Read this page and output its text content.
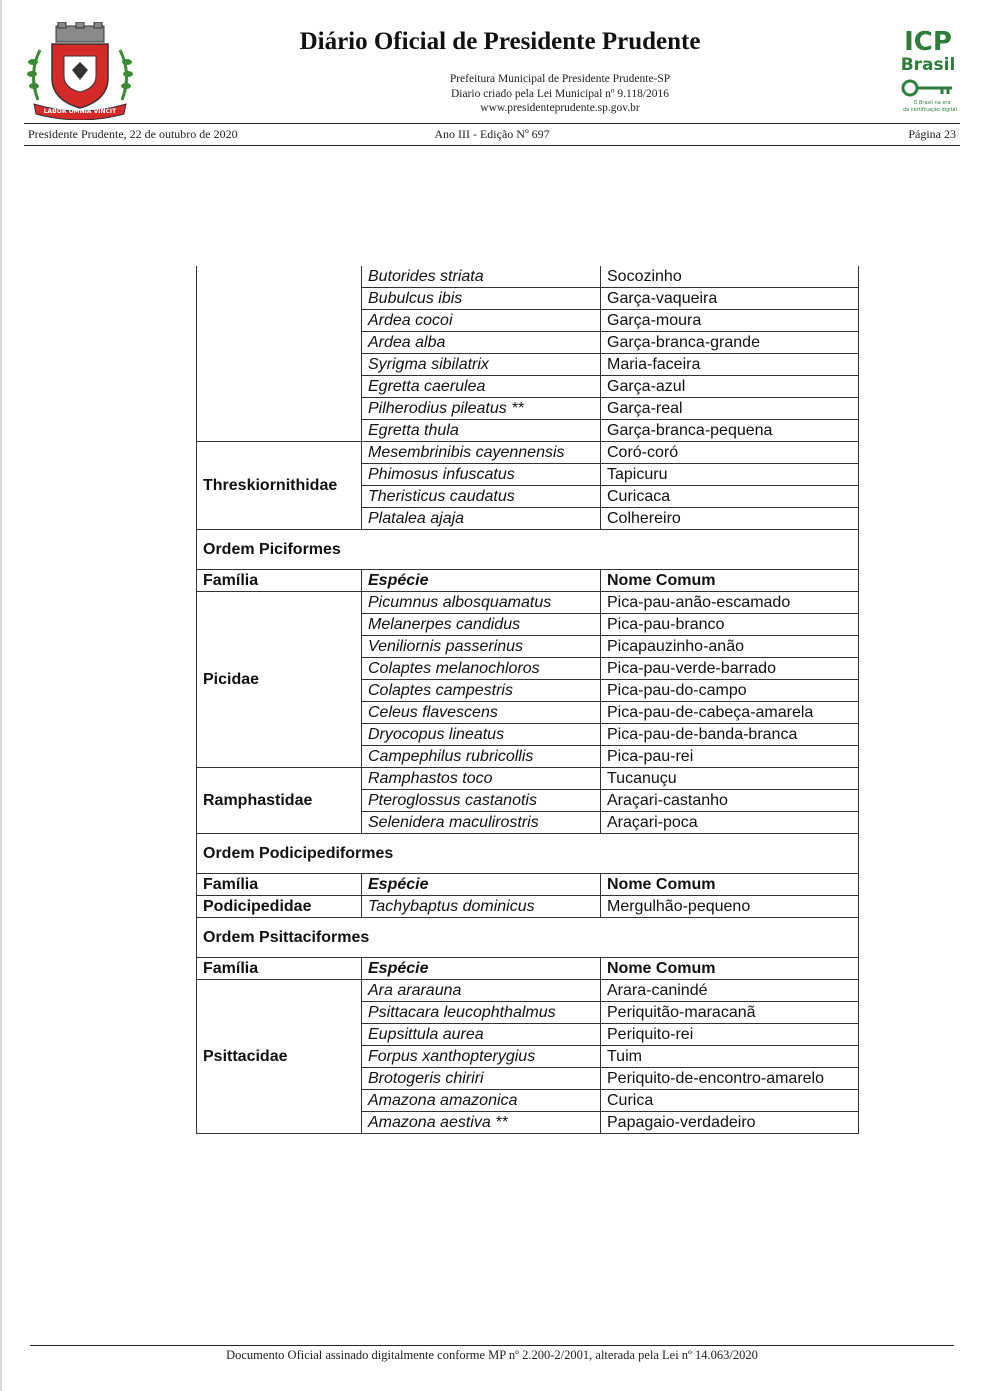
LABOR OMNIA VINCIT
Diário Oficial de Presidente Prudente
Prefeitura Municipal de Presidente Prudente-SP
Diario criado pela Lei Municipal nº 9.118/2016
www.presidenteprudente.sp.gov.br
ICP
Brasil
O Brasil na era
da certificação digital
Presidente Prudente, 22 de outubro de 2020	Ano III - Edição Nº 697	Página 23
	Butorides striata	Socozinho
	Bubulcus ibis	Garça-vaqueira
	Ardea cocoi	Garça-moura
	Ardea alba	Garça-branca-grande
	Syrigma sibilatrix	Maria-faceira
	Egretta caerulea	Garça-azul
	Pilherodius pileatus **	Garça-real
	Egretta thula	Garça-branca-pequena
Threskiornithidae	Mesembrinibis cayennensis	Coró-coró
	Phimosus infuscatus	Tapicuru
	Theristicus caudatus	Curicaca
	Platalea ajaja	Colhereiro
Ordem Piciformes		
Família	Espécie	Nome Comum
Picidae	Picumnus albosquamatus	Pica-pau-anão-escamado
	Melanerpes candidus	Pica-pau-branco
	Veniliornis passerinus	Picapauzinho-anão
	Colaptes melanochloros	Pica-pau-verde-barrado
	Colaptes campestris	Pica-pau-do-campo
	Celeus flavescens	Pica-pau-de-cabeça-amarela
	Dryocopus lineatus	Pica-pau-de-banda-branca
	Campephilus rubricollis	Pica-pau-rei
Ramphastidae	Ramphastos toco	Tucanuçu
	Pteroglossus castanotis	Araçari-castanho
	Selenidera maculirostris	Araçari-poca
Ordem Podicipediformes		
Família	Espécie	Nome Comum
Podicipedidae	Tachybaptus dominicus	Mergulhão-pequeno
Ordem Psittaciformes		
Família	Espécie	Nome Comum
Psittacidae	Ara ararauna	Arara-canindé
	Psittacara leucophthalmus	Periquitão-maracanã
	Eupsittula aurea	Periquito-rei
	Forpus xanthopterygius	Tuim
	Brotogeris chiriri	Periquito-de-encontro-amarelo
	Amazona amazonica	Curica
	Amazona aestiva **	Papagaio-verdadeiro
Documento Oficial assinado digitalmente conforme MP nº 2.200-2/2001, alterada pela Lei nº 14.063/2020
